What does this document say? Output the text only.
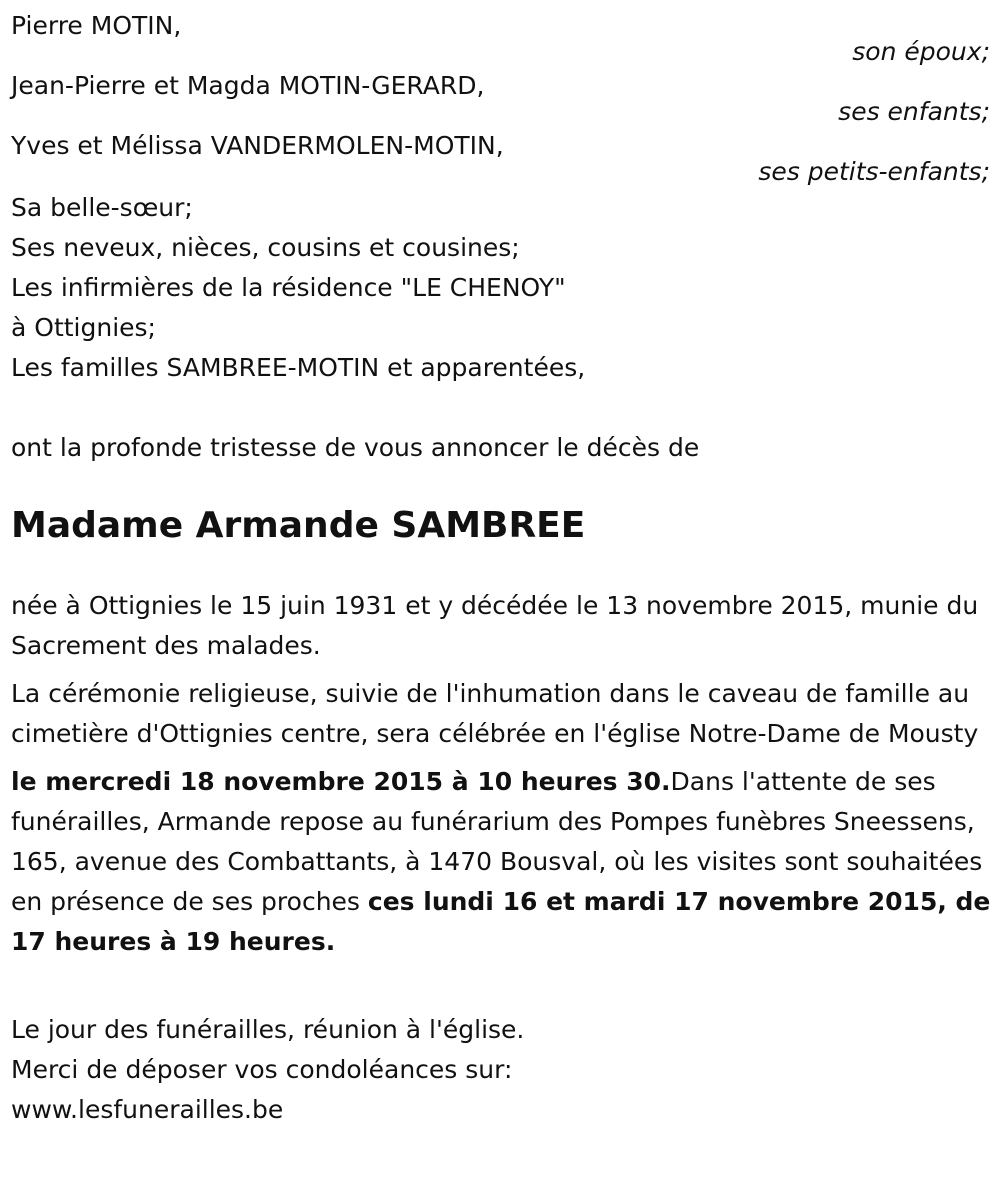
Pierre MOTIN,
son époux;
Jean-Pierre et Magda MOTIN-GERARD,
ses enfants;
Yves et Mélissa VANDERMOLEN-MOTIN,
ses petits-enfants;
Sa belle-sœur;
Ses neveux, nièces, cousins et cousines;
Les infirmières de la résidence "LE CHENOY"
à Ottignies;
Les familles SAMBREE-MOTIN et apparentées,
ont la profonde tristesse de vous annoncer le décès de
Madame Armande SAMBREE
née à Ottignies le 15 juin 1931 et y décédée le 13 novembre 2015, munie du Sacrement des malades.
La cérémonie religieuse, suivie de l'inhumation dans le caveau de famille au cimetière d'Ottignies centre, sera célébrée en l'église Notre-Dame de Mousty
le mercredi 18 novembre 2015 à 10 heures 30.Dans l'attente de ses funérailles, Armande repose au funérarium des Pompes funèbres Sneessens, 165, avenue des Combattants, à 1470 Bousval, où les visites sont souhaitées en présence de ses proches ces lundi 16 et mardi 17 novembre 2015, de 17 heures à 19 heures.
Le jour des funérailles, réunion à l'église.
Merci de déposer vos condoléances sur:
www.lesfunerailles.be
